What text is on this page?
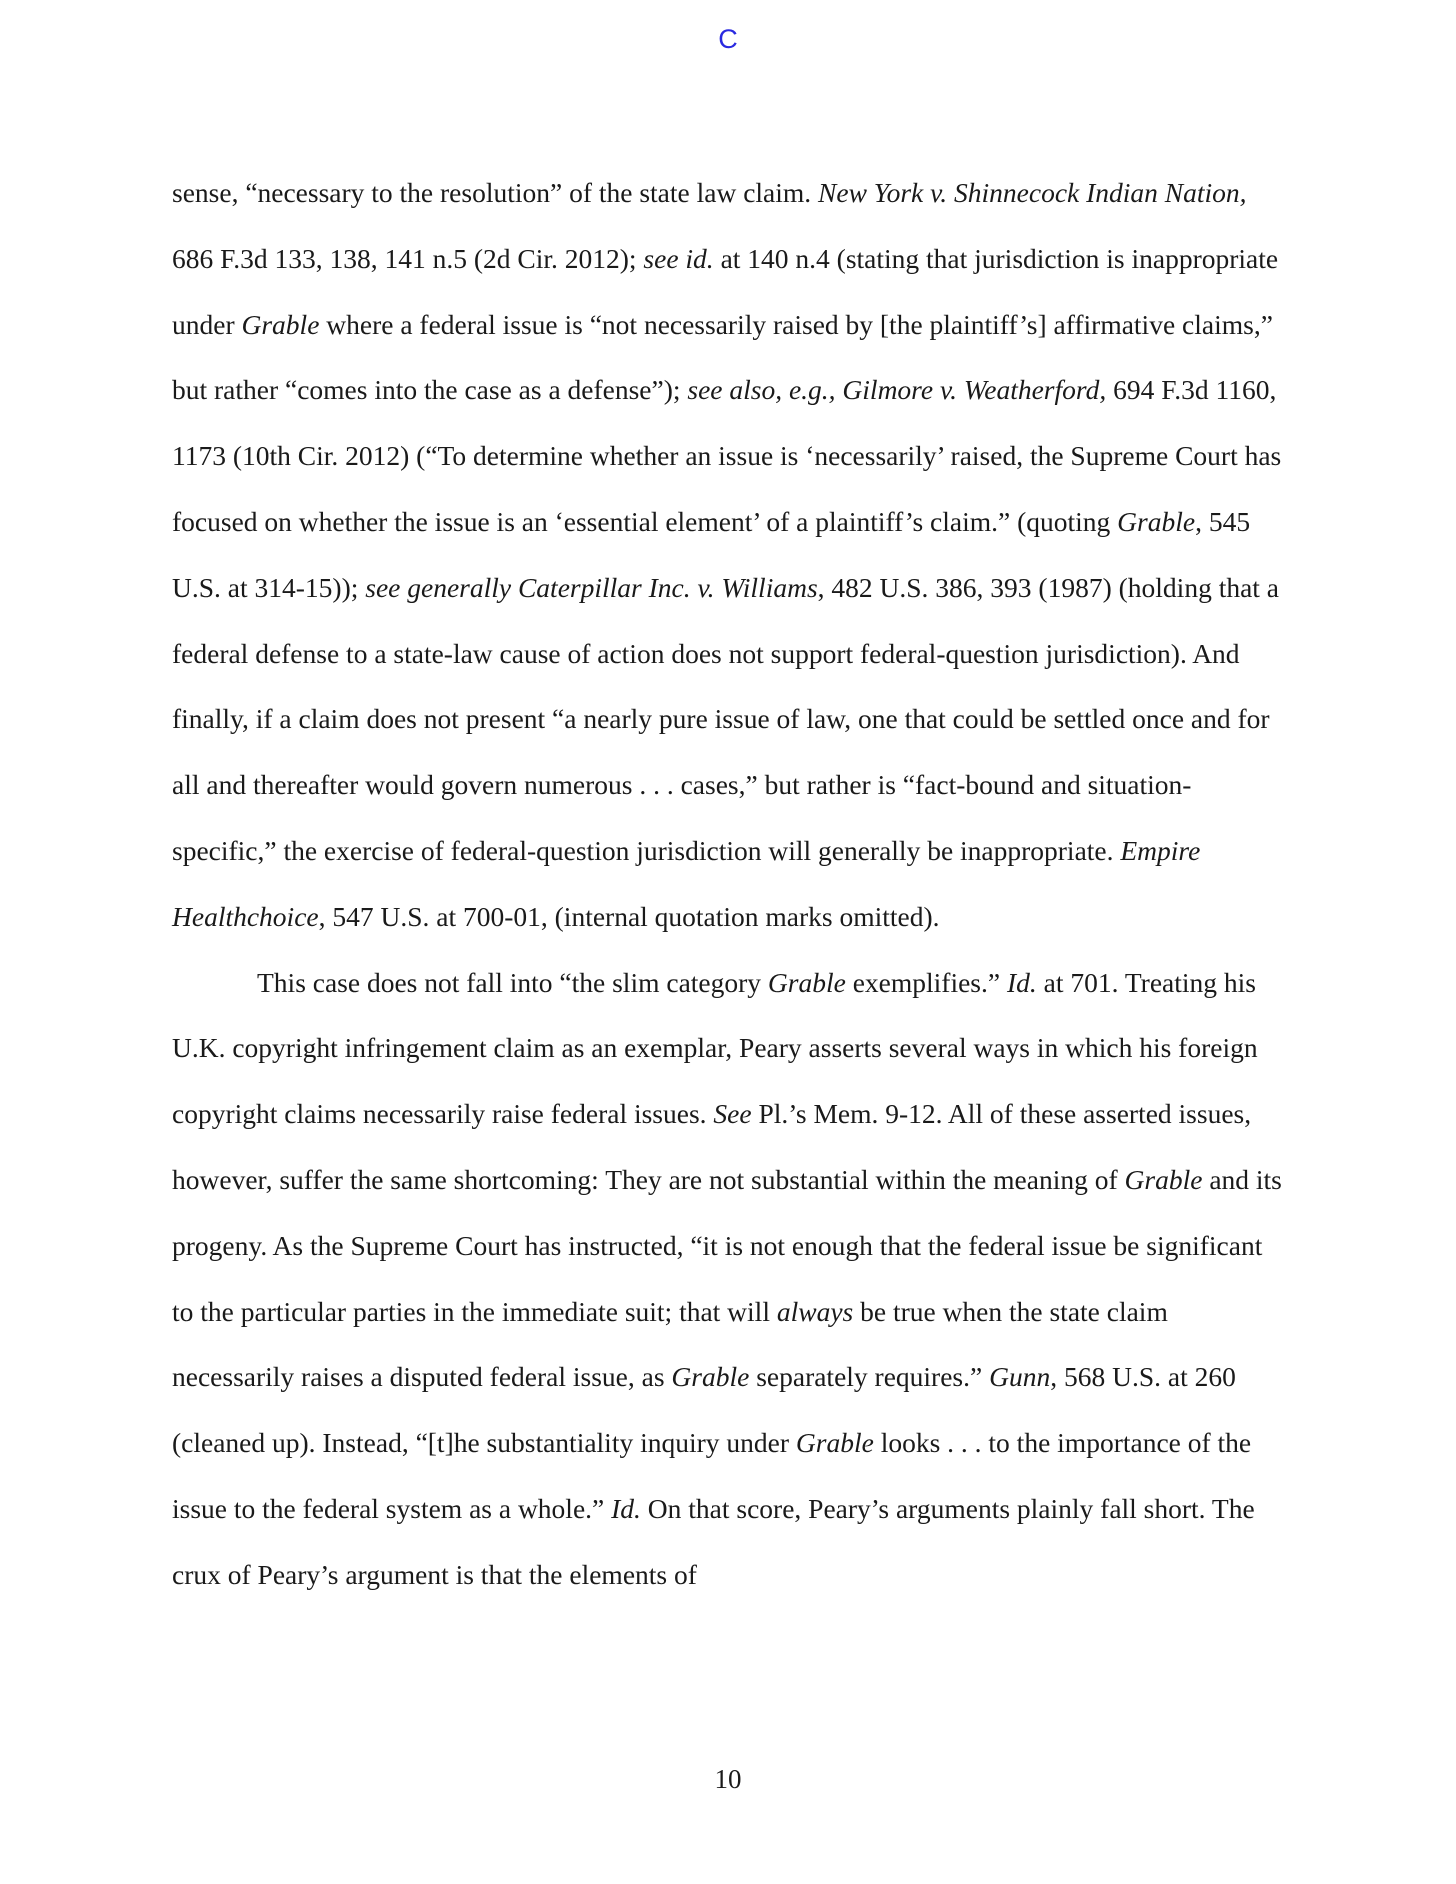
C

sense, “necessary to the resolution” of the state law claim. New York v. Shinnecock Indian Nation, 686 F.3d 133, 138, 141 n.5 (2d Cir. 2012); see id. at 140 n.4 (stating that jurisdiction is inappropriate under Grable where a federal issue is “not necessarily raised by [the plaintiff’s] affirmative claims,” but rather “comes into the case as a defense”); see also, e.g., Gilmore v. Weatherford, 694 F.3d 1160, 1173 (10th Cir. 2012) (“To determine whether an issue is ‘necessarily’ raised, the Supreme Court has focused on whether the issue is an ‘essential element’ of a plaintiff’s claim.” (quoting Grable, 545 U.S. at 314-15)); see generally Caterpillar Inc. v. Williams, 482 U.S. 386, 393 (1987) (holding that a federal defense to a state-law cause of action does not support federal-question jurisdiction). And finally, if a claim does not present “a nearly pure issue of law, one that could be settled once and for all and thereafter would govern numerous . . . cases,” but rather is “fact-bound and situation-specific,” the exercise of federal-question jurisdiction will generally be inappropriate. Empire Healthchoice, 547 U.S. at 700-01, (internal quotation marks omitted).

This case does not fall into “the slim category Grable exemplifies.” Id. at 701. Treating his U.K. copyright infringement claim as an exemplar, Peary asserts several ways in which his foreign copyright claims necessarily raise federal issues. See Pl.’s Mem. 9-12. All of these asserted issues, however, suffer the same shortcoming: They are not substantial within the meaning of Grable and its progeny. As the Supreme Court has instructed, “it is not enough that the federal issue be significant to the particular parties in the immediate suit; that will always be true when the state claim necessarily raises a disputed federal issue, as Grable separately requires.” Gunn, 568 U.S. at 260 (cleaned up). Instead, “[t]he substantiality inquiry under Grable looks . . . to the importance of the issue to the federal system as a whole.” Id. On that score, Peary’s arguments plainly fall short. The crux of Peary’s argument is that the elements of

10
